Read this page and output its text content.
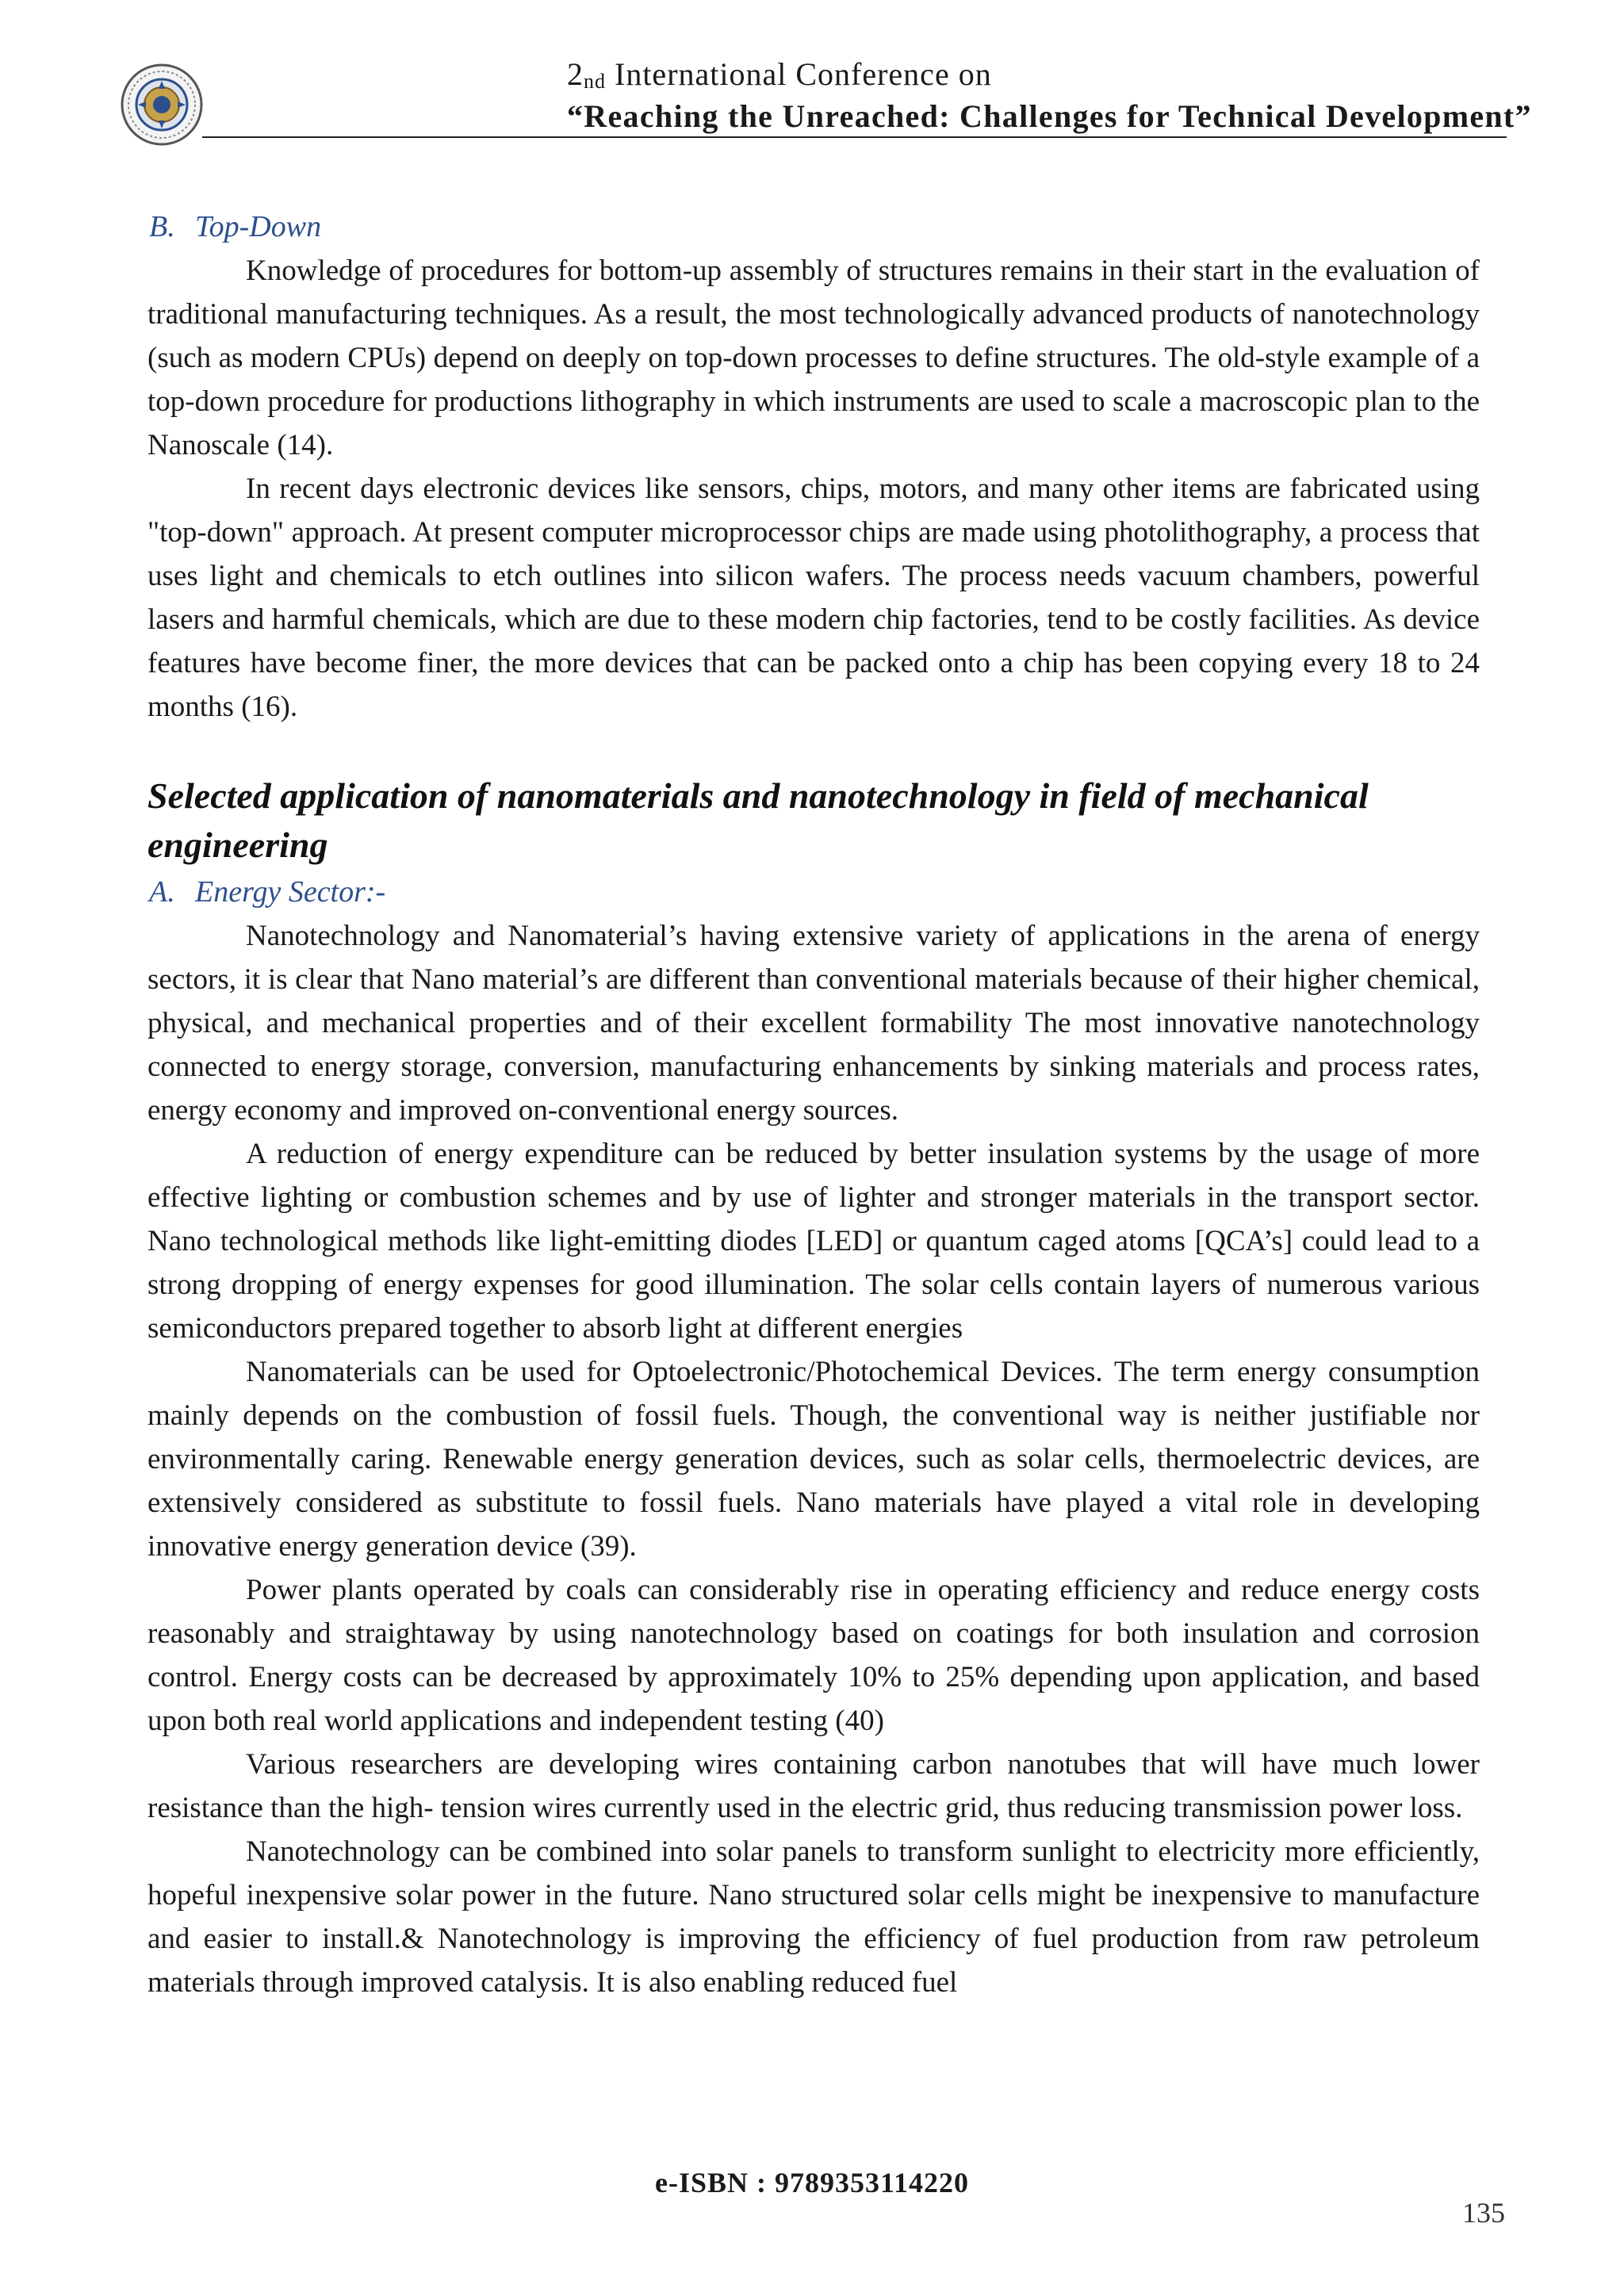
$2_{nd}$ International Conference on
“Reaching the Unreached: Challenges for Technical Development”
B. Top-Down

Knowledge of procedures for bottom-up assembly of structures remains in their start in the evaluation of traditional manufacturing techniques. As a result, the most technologically advanced products of nanotechnology (such as modern CPUs) depend on deeply on top-down processes to define structures. The old-style example of a top-down procedure for productions lithography in which instruments are used to scale a macroscopic plan to the Nanoscale (14).

In recent days electronic devices like sensors, chips, motors, and many other items are fabricated using "top-down" approach. At present computer microprocessor chips are made using photolithography, a process that uses light and chemicals to etch outlines into silicon wafers. The process needs vacuum chambers, powerful lasers and harmful chemicals, which are due to these modern chip factories, tend to be costly facilities. As device features have become finer, the more devices that can be packed onto a chip has been copying every 18 to 24 months (16).

Selected application of nanomaterials and nanotechnology in field of mechanical engineering
A. Energy Sector:-

Nanotechnology and Nanomaterial’s having extensive variety of applications in the arena of energy sectors, it is clear that Nano material’s are different than conventional materials because of their higher chemical, physical, and mechanical properties and of their excellent formability The most innovative nanotechnology connected to energy storage, conversion, manufacturing enhancements by sinking materials and process rates, energy economy and improved on-conventional energy sources.

A reduction of energy expenditure can be reduced by better insulation systems by the usage of more effective lighting or combustion schemes and by use of lighter and stronger materials in the transport sector. Nano technological methods like light-emitting diodes [LED] or quantum caged atoms [QCA’s] could lead to a strong dropping of energy expenses for good illumination. The solar cells contain layers of numerous various semiconductors prepared together to absorb light at different energies

Nanomaterials can be used for Optoelectronic/Photochemical Devices. The term energy consumption mainly depends on the combustion of fossil fuels. Though, the conventional way is neither justifiable nor environmentally caring. Renewable energy generation devices, such as solar cells, thermoelectric devices, are extensively considered as substitute to fossil fuels. Nano materials have played a vital role in developing innovative energy generation device (39).

Power plants operated by coals can considerably rise in operating efficiency and reduce energy costs reasonably and straightaway by using nanotechnology based on coatings for both insulation and corrosion control. Energy costs can be decreased by approximately 10% to 25% depending upon application, and based upon both real world applications and independent testing (40)

Various researchers are developing wires containing carbon nanotubes that will have much lower resistance than the high- tension wires currently used in the electric grid, thus reducing transmission power loss.

Nanotechnology can be combined into solar panels to transform sunlight to electricity more efficiently, hopeful inexpensive solar power in the future. Nano structured solar cells might be inexpensive to manufacture and easier to install.& Nanotechnology is improving the efficiency of fuel production from raw petroleum materials through improved catalysis. It is also enabling reduced fuel

e-ISBN : 9789353114220
135
